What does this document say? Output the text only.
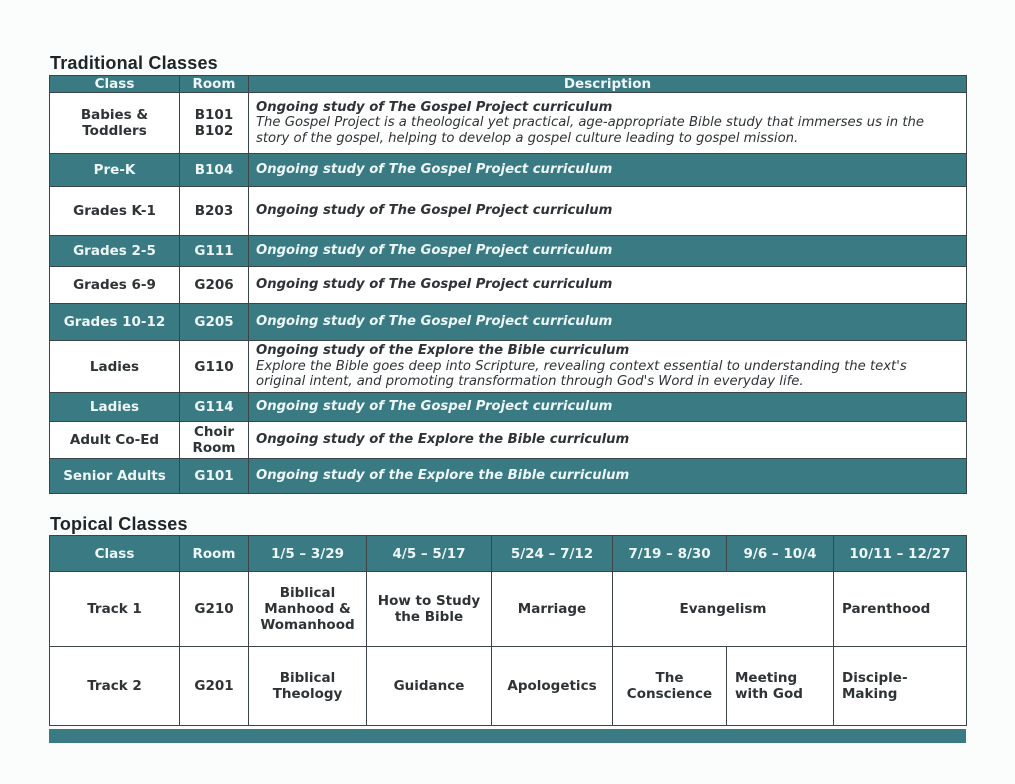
Traditional Classes
Class	Room	Description
Babies & Toddlers	B101 B102	Ongoing study of The Gospel Project curriculum
The Gospel Project is a theological yet practical, age-appropriate Bible study that immerses us in the story of the gospel, helping to develop a gospel culture leading to gospel mission.

Pre-K	B104	Ongoing study of The Gospel Project curriculum

Grades K-1	B203	Ongoing study of The Gospel Project curriculum

Grades 2-5	G111	Ongoing study of The Gospel Project curriculum

Grades 6-9	G206	Ongoing study of The Gospel Project curriculum

Grades 10-12	G205	Ongoing study of The Gospel Project curriculum

Ladies	G110	Ongoing study of the Explore the Bible curriculum
Explore the Bible goes deep into Scripture, revealing context essential to understanding the text's original intent, and promoting transformation through God's Word in everyday life.

Ladies	G114	Ongoing study of The Gospel Project curriculum

Adult Co-Ed	Choir Room	Ongoing study of the Explore the Bible curriculum

Senior Adults	G101	Ongoing study of the Explore the Bible curriculum
Topical Classes
Class	Room	1/5 – 3/29	4/5 – 5/17	5/24 – 7/12	7/19 – 8/30	9/6 – 10/4	10/11 – 12/27
Track 1	G210	Biblical Manhood & Womanhood	How to Study the Bible	Marriage	Evangelism		Parenthood
Track 2	G201	Biblical Theology	Guidance	Apologetics	The Conscience	Meeting with God	Disciple-Making
